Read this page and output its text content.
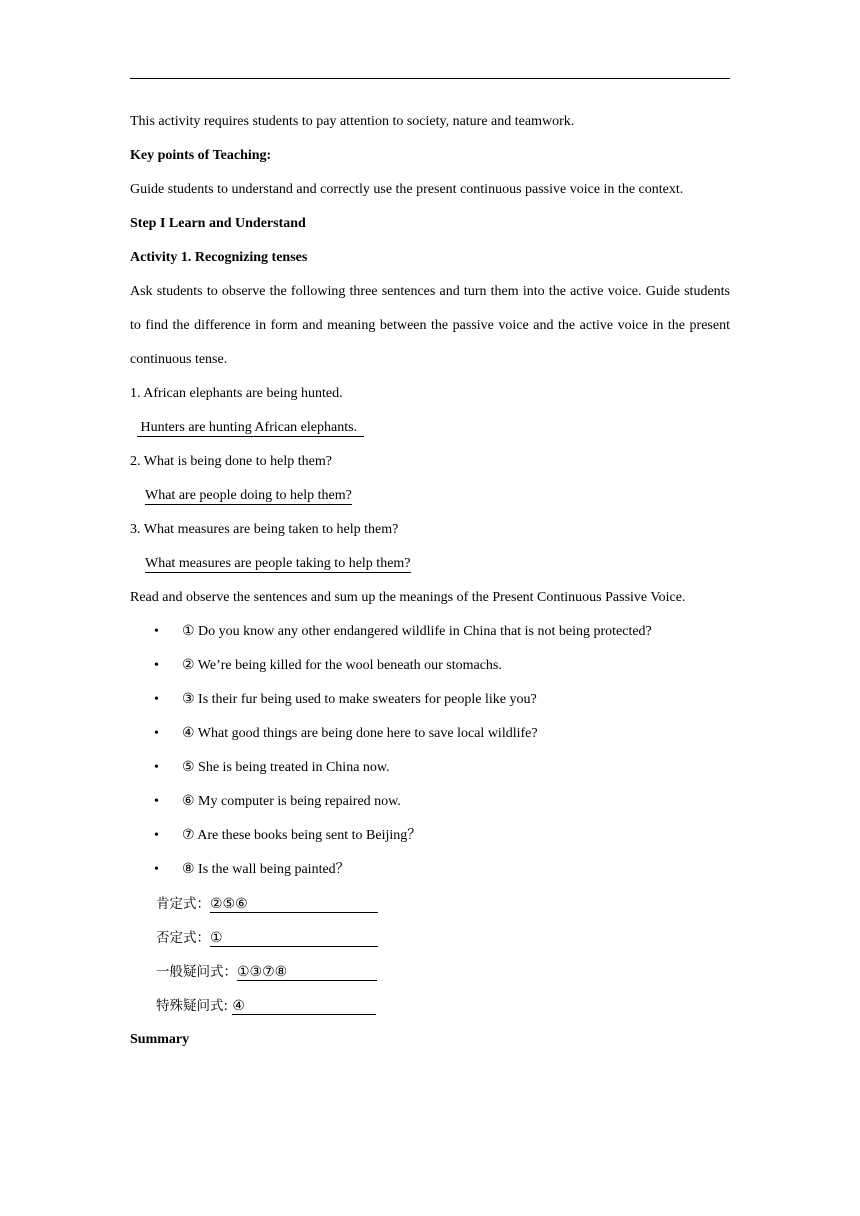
This activity requires students to pay attention to society, nature and teamwork.
Key points of Teaching:
Guide students to understand and correctly use the present continuous passive voice in the context.
Step I Learn and Understand
Activity 1. Recognizing tenses
Ask students to observe the following three sentences and turn them into the active voice. Guide students to find the difference in form and meaning between the passive voice and the active voice in the present continuous tense.
1. African elephants are being hunted.
Hunters are hunting African elephants.
2. What is being done to help them?
What are people doing to help them?
3. What measures are being taken to help them?
What measures are people taking to help them?
Read and observe the sentences and sum up the meanings of the Present Continuous Passive Voice.
• ① Do you know any other endangered wildlife in China that is not being protected?
• ② We’re being killed for the wool beneath our stomachs.
• ③ Is their fur being used to make sweaters for people like you?
• ④ What good things are being done here to save local wildlife?
• ⑤ She is being treated in China now.
• ⑥ My computer is being repaired now.
• ⑦ Are these books being sent to Beijing？
• ⑧ Is the wall being painted？
肯定式：②⑤⑥
否定式：①
一般疑问式：①③⑦⑧
特殊疑问式: ④
Summary
